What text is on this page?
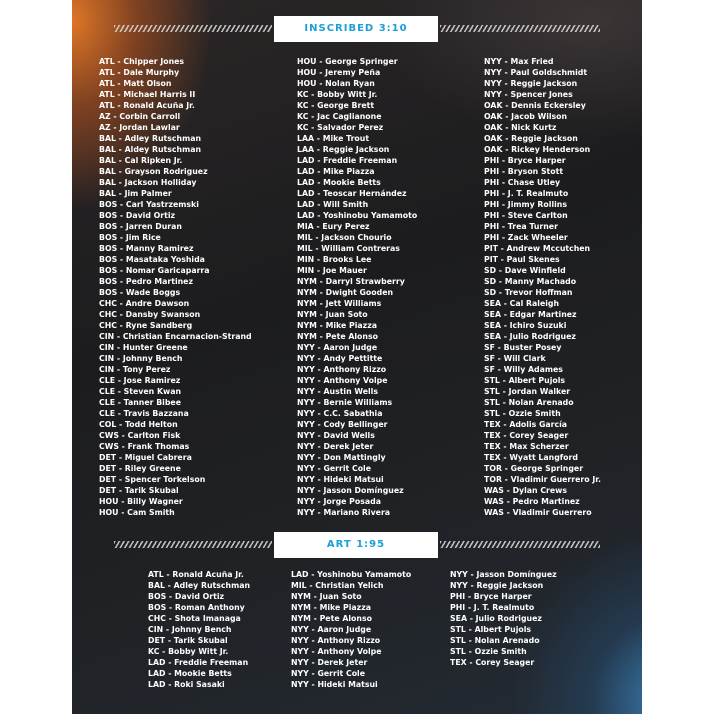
INSCRIBED 3:10
ATL - Chipper Jones
ATL - Dale Murphy
ATL - Matt Olson
ATL - Michael Harris II
ATL - Ronald Acuña Jr.
AZ - Corbin Carroll
AZ - Jordan Lawlar
BAL - Adley Rutschman
BAL - Aldey Rutschman
BAL - Cal Ripken Jr.
BAL - Grayson Rodriguez
BAL - Jackson Holliday
BAL - Jim Palmer
BOS - Carl Yastrzemski
BOS - David Ortiz
BOS - Jarren Duran
BOS - Jim Rice
BOS - Manny Ramirez
BOS - Masataka Yoshida
BOS - Nomar Garicaparra
BOS - Pedro Martinez
BOS - Wade Boggs
CHC - Andre Dawson
CHC - Dansby Swanson
CHC - Ryne Sandberg
CIN - Christian Encarnacion-Strand
CIN - Hunter Greene
CIN - Johnny Bench
CIN - Tony Perez
CLE - Jose Ramirez
CLE - Steven Kwan
CLE - Tanner Bibee
CLE - Travis Bazzana
COL - Todd Helton
CWS - Carlton Fisk
CWS - Frank Thomas
DET - Miguel Cabrera
DET - Riley Greene
DET - Spencer Torkelson
DET - Tarik Skubal
HOU - Billy Wagner
HOU - Cam Smith
HOU - George Springer
HOU - Jeremy Peña
HOU - Nolan Ryan
KC - Bobby Witt Jr.
KC - George Brett
KC - Jac Caglianone
KC - Salvador Perez
LAA - Mike Trout
LAA - Reggie Jackson
LAD - Freddie Freeman
LAD - Mike Piazza
LAD - Mookie Betts
LAD - Teoscar Hernández
LAD - Will Smith
LAD - Yoshinobu Yamamoto
MIA - Eury Perez
MIL - Jackson Chourio
MIL - William Contreras
MIN - Brooks Lee
MIN - Joe Mauer
NYM - Darryl Strawberry
NYM - Dwight Gooden
NYM - Jett Williams
NYM - Juan Soto
NYM - Mike Piazza
NYM - Pete Alonso
NYY - Aaron Judge
NYY - Andy Pettitte
NYY - Anthony Rizzo
NYY - Anthony Volpe
NYY - Austin Wells
NYY - Bernie Williams
NYY - C.C. Sabathia
NYY - Cody Bellinger
NYY - David Wells
NYY - Derek Jeter
NYY - Don Mattingly
NYY - Gerrit Cole
NYY - Hideki Matsui
NYY - Jasson Domínguez
NYY - Jorge Posada
NYY - Mariano Rivera
NYY - Max Fried
NYY - Paul Goldschmidt
NYY - Reggie Jackson
NYY - Spencer Jones
OAK - Dennis Eckersley
OAK - Jacob Wilson
OAK - Nick Kurtz
OAK - Reggie Jackson
OAK - Rickey Henderson
PHI - Bryce Harper
PHI - Bryson Stott
PHI - Chase Utley
PHI - J. T. Realmuto
PHI - Jimmy Rollins
PHI - Steve Carlton
PHI - Trea Turner
PHI - Zack Wheeler
PIT - Andrew Mccutchen
PIT - Paul Skenes
SD - Dave Winfield
SD - Manny Machado
SD - Trevor Hoffman
SEA - Cal Raleigh
SEA - Edgar Martinez
SEA - Ichiro Suzuki
SEA - Julio Rodriguez
SF - Buster Posey
SF - Will Clark
SF - Willy Adames
STL - Albert Pujols
STL - Jordan Walker
STL - Nolan Arenado
STL - Ozzie Smith
TEX - Adolis García
TEX - Corey Seager
TEX - Max Scherzer
TEX - Wyatt Langford
TOR - George Springer
TOR - Vladimir Guerrero Jr.
WAS - Dylan Crews
WAS - Pedro Martinez
WAS - Vladimir Guerrero
ART 1:95
ATL - Ronald Acuña Jr.
BAL - Adley Rutschman
BOS - David Ortiz
BOS - Roman Anthony
CHC - Shota Imanaga
CIN - Johnny Bench
DET - Tarik Skubal
KC - Bobby Witt Jr.
LAD - Freddie Freeman
LAD - Mookie Betts
LAD - Roki Sasaki
LAD - Yoshinobu Yamamoto
MIL - Christian Yelich
NYM - Juan Soto
NYM - Mike Piazza
NYM - Pete Alonso
NYY - Aaron Judge
NYY - Anthony Rizzo
NYY - Anthony Volpe
NYY - Derek Jeter
NYY - Gerrit Cole
NYY - Hideki Matsui
NYY - Jasson Domínguez
NYY - Reggie Jackson
PHI - Bryce Harper
PHI - J. T. Realmuto
SEA - Julio Rodriguez
STL - Albert Pujols
STL - Nolan Arenado
STL - Ozzie Smith
TEX - Corey Seager
